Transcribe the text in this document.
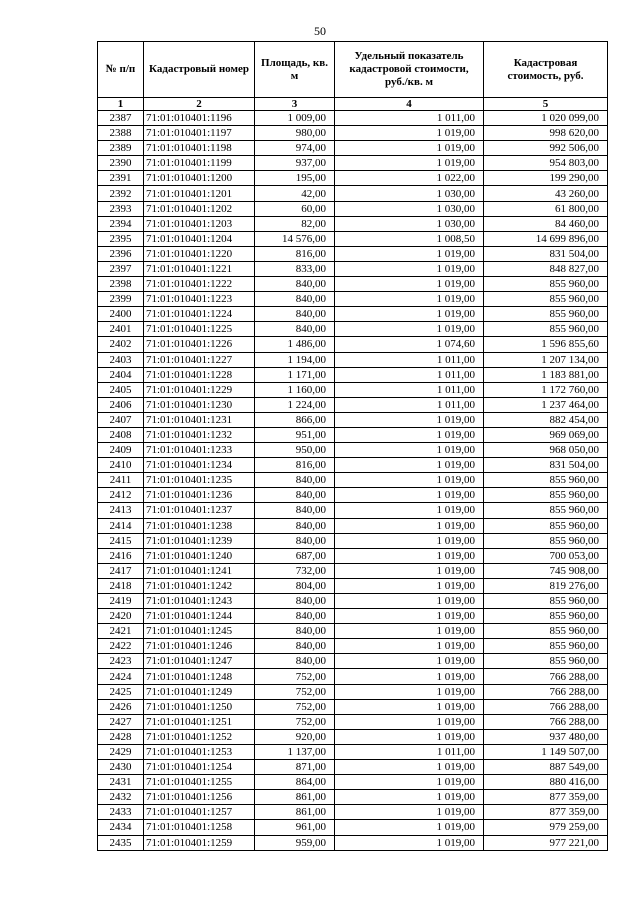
50
№ п/п	Кадастровый номер	Площадь, кв. м	Удельный показатель кадастровой стоимости, руб./кв. м	Кадастровая стоимость, руб.
1	2	3	4	5
2387	71:01:010401:1196	1 009,00	1 011,00	1 020 099,00
2388	71:01:010401:1197	980,00	1 019,00	998 620,00
2389	71:01:010401:1198	974,00	1 019,00	992 506,00
2390	71:01:010401:1199	937,00	1 019,00	954 803,00
2391	71:01:010401:1200	195,00	1 022,00	199 290,00
2392	71:01:010401:1201	42,00	1 030,00	43 260,00
2393	71:01:010401:1202	60,00	1 030,00	61 800,00
2394	71:01:010401:1203	82,00	1 030,00	84 460,00
2395	71:01:010401:1204	14 576,00	1 008,50	14 699 896,00
2396	71:01:010401:1220	816,00	1 019,00	831 504,00
2397	71:01:010401:1221	833,00	1 019,00	848 827,00
2398	71:01:010401:1222	840,00	1 019,00	855 960,00
2399	71:01:010401:1223	840,00	1 019,00	855 960,00
2400	71:01:010401:1224	840,00	1 019,00	855 960,00
2401	71:01:010401:1225	840,00	1 019,00	855 960,00
2402	71:01:010401:1226	1 486,00	1 074,60	1 596 855,60
2403	71:01:010401:1227	1 194,00	1 011,00	1 207 134,00
2404	71:01:010401:1228	1 171,00	1 011,00	1 183 881,00
2405	71:01:010401:1229	1 160,00	1 011,00	1 172 760,00
2406	71:01:010401:1230	1 224,00	1 011,00	1 237 464,00
2407	71:01:010401:1231	866,00	1 019,00	882 454,00
2408	71:01:010401:1232	951,00	1 019,00	969 069,00
2409	71:01:010401:1233	950,00	1 019,00	968 050,00
2410	71:01:010401:1234	816,00	1 019,00	831 504,00
2411	71:01:010401:1235	840,00	1 019,00	855 960,00
2412	71:01:010401:1236	840,00	1 019,00	855 960,00
2413	71:01:010401:1237	840,00	1 019,00	855 960,00
2414	71:01:010401:1238	840,00	1 019,00	855 960,00
2415	71:01:010401:1239	840,00	1 019,00	855 960,00
2416	71:01:010401:1240	687,00	1 019,00	700 053,00
2417	71:01:010401:1241	732,00	1 019,00	745 908,00
2418	71:01:010401:1242	804,00	1 019,00	819 276,00
2419	71:01:010401:1243	840,00	1 019,00	855 960,00
2420	71:01:010401:1244	840,00	1 019,00	855 960,00
2421	71:01:010401:1245	840,00	1 019,00	855 960,00
2422	71:01:010401:1246	840,00	1 019,00	855 960,00
2423	71:01:010401:1247	840,00	1 019,00	855 960,00
2424	71:01:010401:1248	752,00	1 019,00	766 288,00
2425	71:01:010401:1249	752,00	1 019,00	766 288,00
2426	71:01:010401:1250	752,00	1 019,00	766 288,00
2427	71:01:010401:1251	752,00	1 019,00	766 288,00
2428	71:01:010401:1252	920,00	1 019,00	937 480,00
2429	71:01:010401:1253	1 137,00	1 011,00	1 149 507,00
2430	71:01:010401:1254	871,00	1 019,00	887 549,00
2431	71:01:010401:1255	864,00	1 019,00	880 416,00
2432	71:01:010401:1256	861,00	1 019,00	877 359,00
2433	71:01:010401:1257	861,00	1 019,00	877 359,00
2434	71:01:010401:1258	961,00	1 019,00	979 259,00
2435	71:01:010401:1259	959,00	1 019,00	977 221,00
